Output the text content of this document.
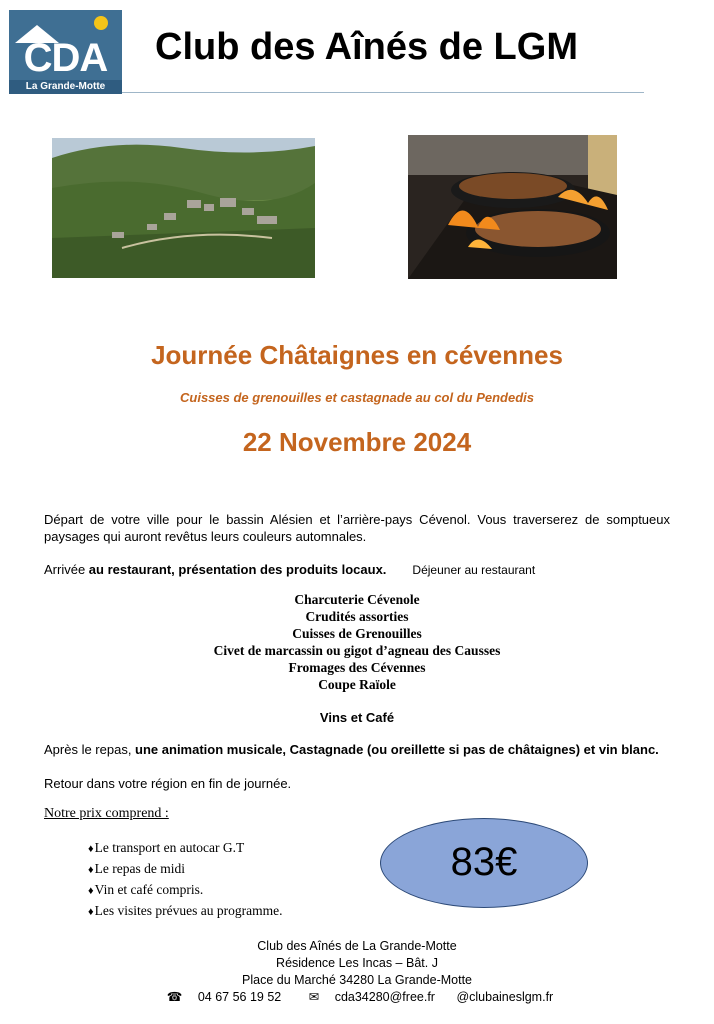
CDA
La Grande-Motte
Club des Aînés de LGM
Journée Châtaignes en cévennes
Cuisses de grenouilles et castagnade au col du Pendedis
22 Novembre 2024
Départ de votre ville pour le bassin Alésien et l’arrière-pays Cévenol. Vous traverserez de somptueux paysages qui auront revêtus leurs couleurs automnales.
Arrivée au restaurant, présentation des produits locaux. Déjeuner au restaurant
Charcuterie Cévenole
Crudités assorties
Cuisses de Grenouilles
Civet de marcassin ou gigot d’agneau des Causses
Fromages des Cévennes
Coupe Raïole
Vins et Café
Après le repas, une animation musicale, Castagnade (ou oreillette si pas de châtaignes) et vin blanc.
Retour dans votre région en fin de journée.
Notre prix comprend :
♦Le transport en autocar G.T
♦Le repas de midi
♦Vin et café compris.
♦Les visites prévues au programme.
83€
Club des Aînés de La Grande-Motte
Résidence Les Incas – Bât. J
Place du Marché 34280 La Grande-Motte
☎ 04 67 56 19 52 ✉ cda34280@free.fr @clubaineslgm.fr
